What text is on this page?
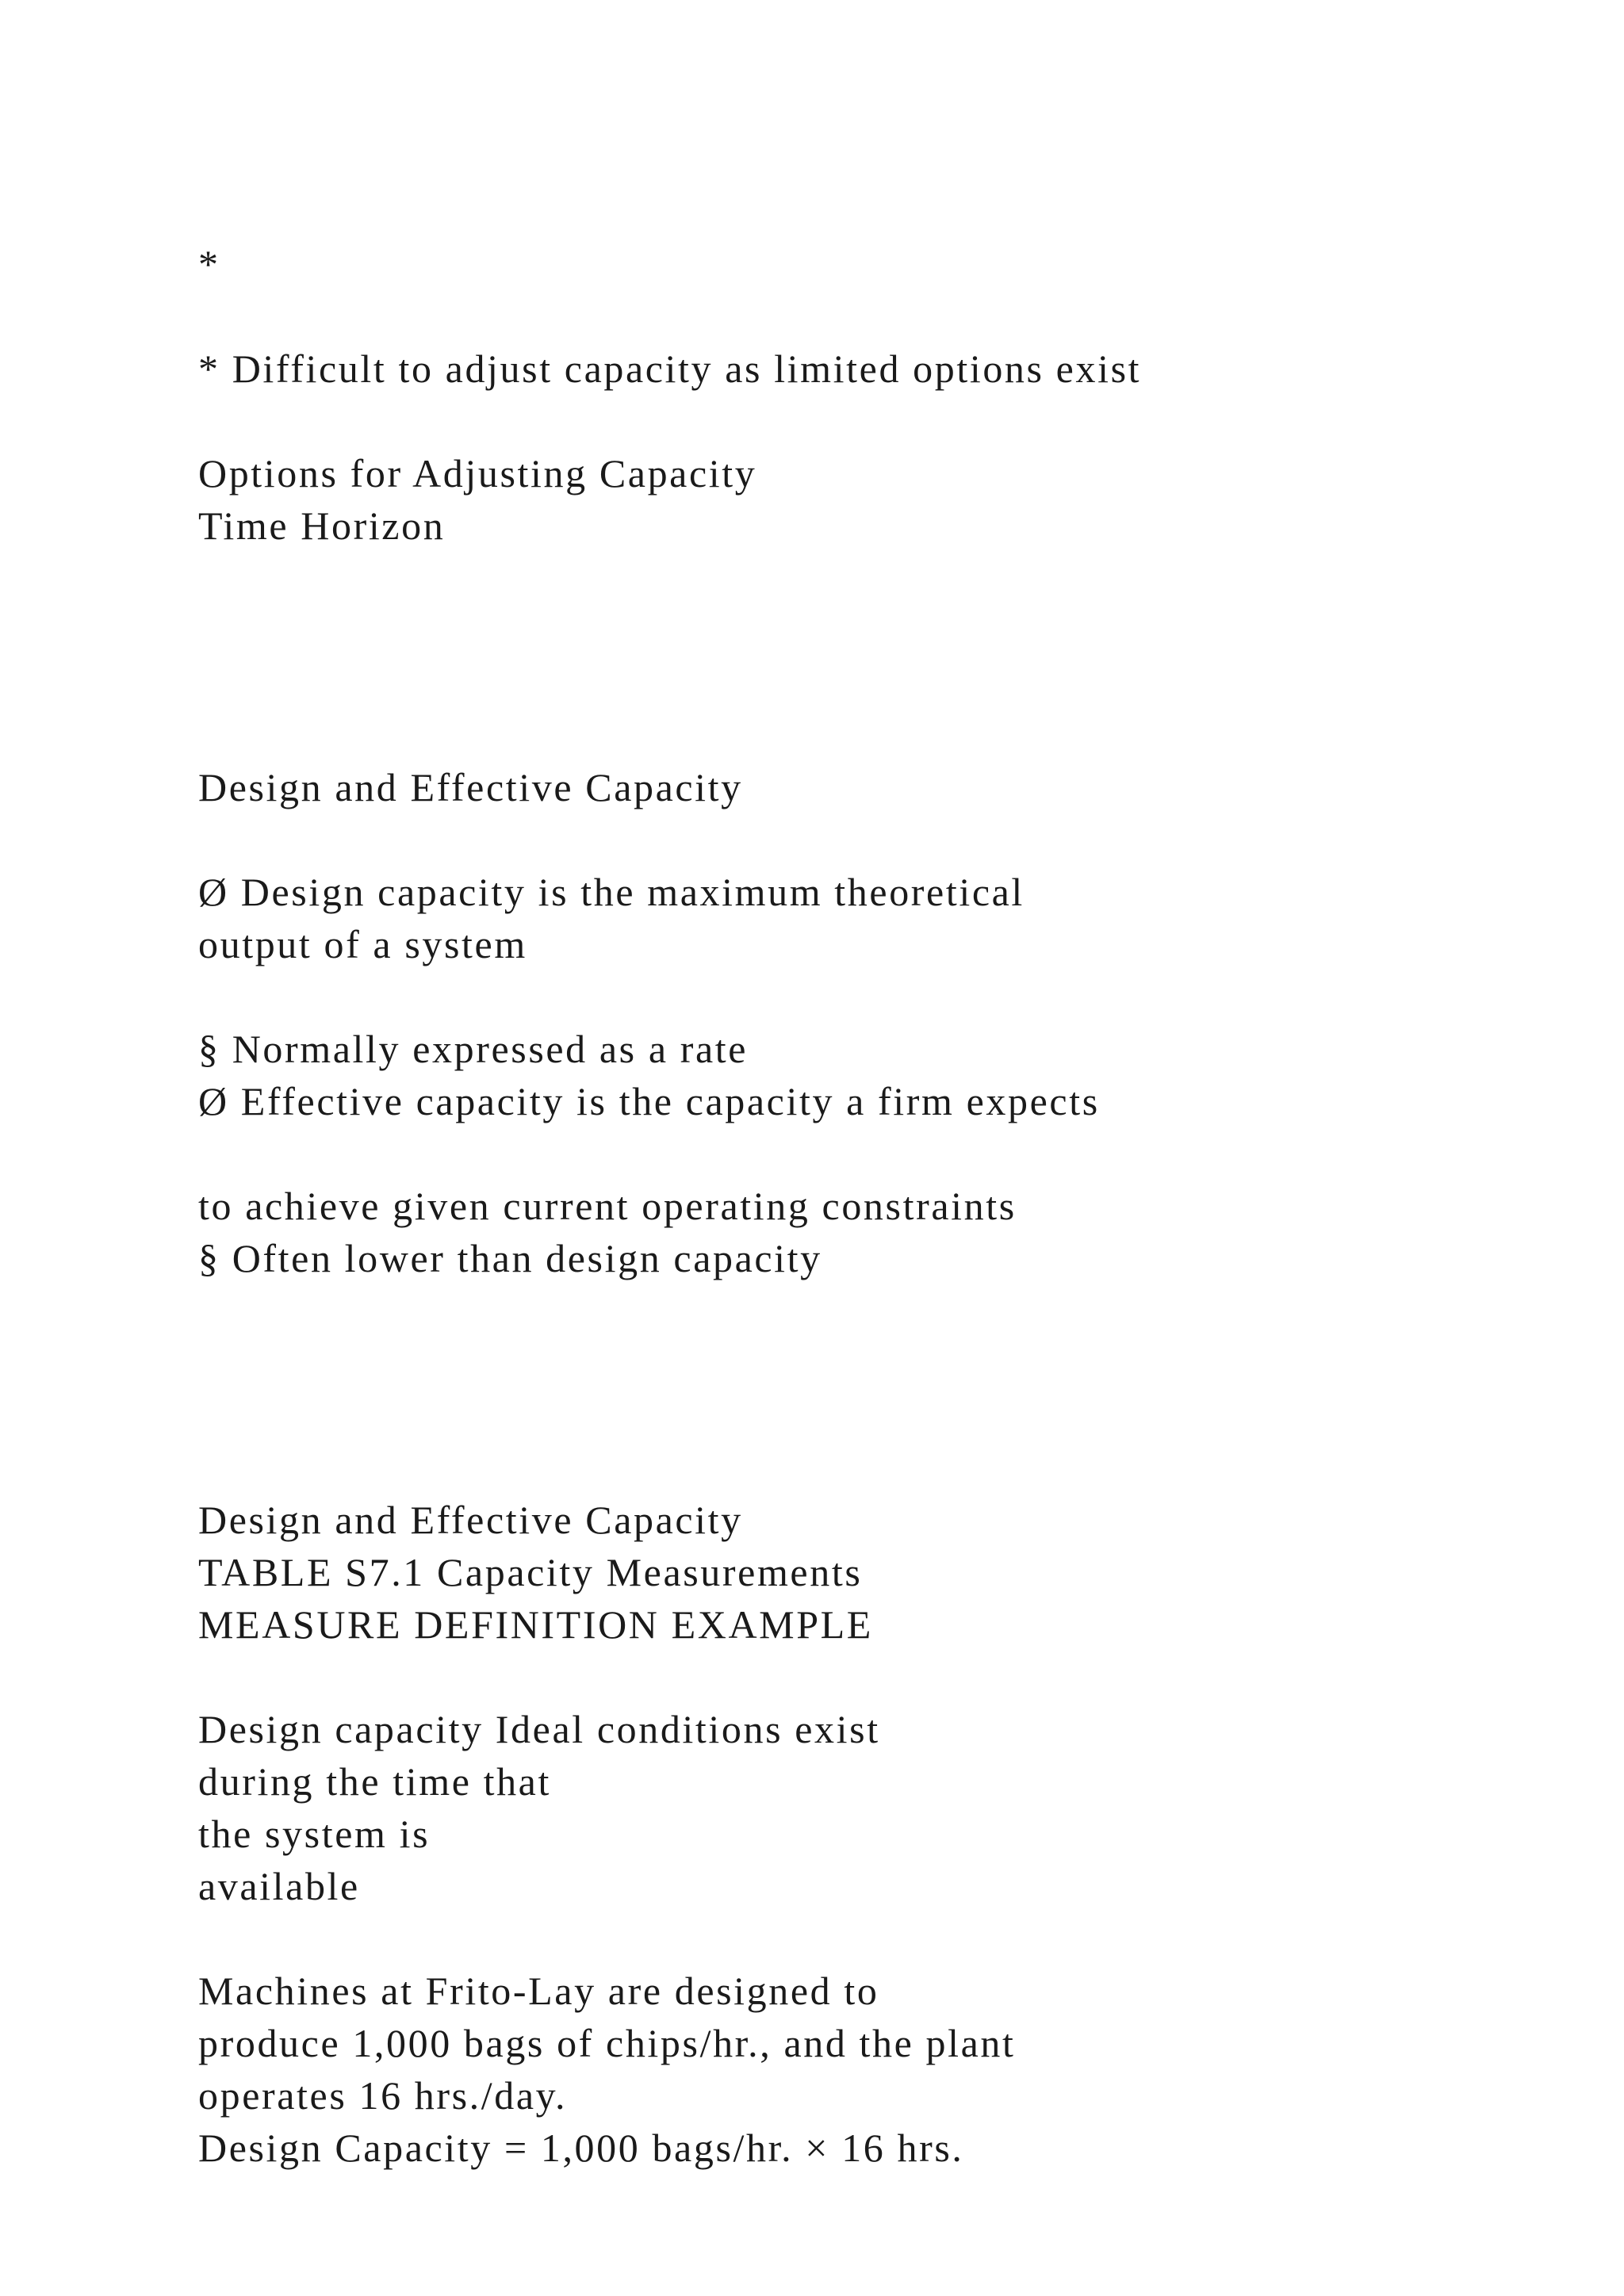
*
* Difficult to adjust capacity as limited options exist
Options for Adjusting Capacity
Time Horizon
Design and Effective Capacity
Ø Design capacity is the maximum theoretical
output of a system
§ Normally expressed as a rate
Ø Effective capacity is the capacity a firm expects
to achieve given current operating constraints
§ Often lower than design capacity
Design and Effective Capacity
TABLE S7.1 Capacity Measurements
MEASURE DEFINITION EXAMPLE
Design capacity Ideal conditions exist
during the time that
the system is
available
Machines at Frito-Lay are designed to
produce 1,000 bags of chips/hr., and the plant
operates 16 hrs./day.
Design Capacity = 1,000 bags/hr. × 16 hrs.
